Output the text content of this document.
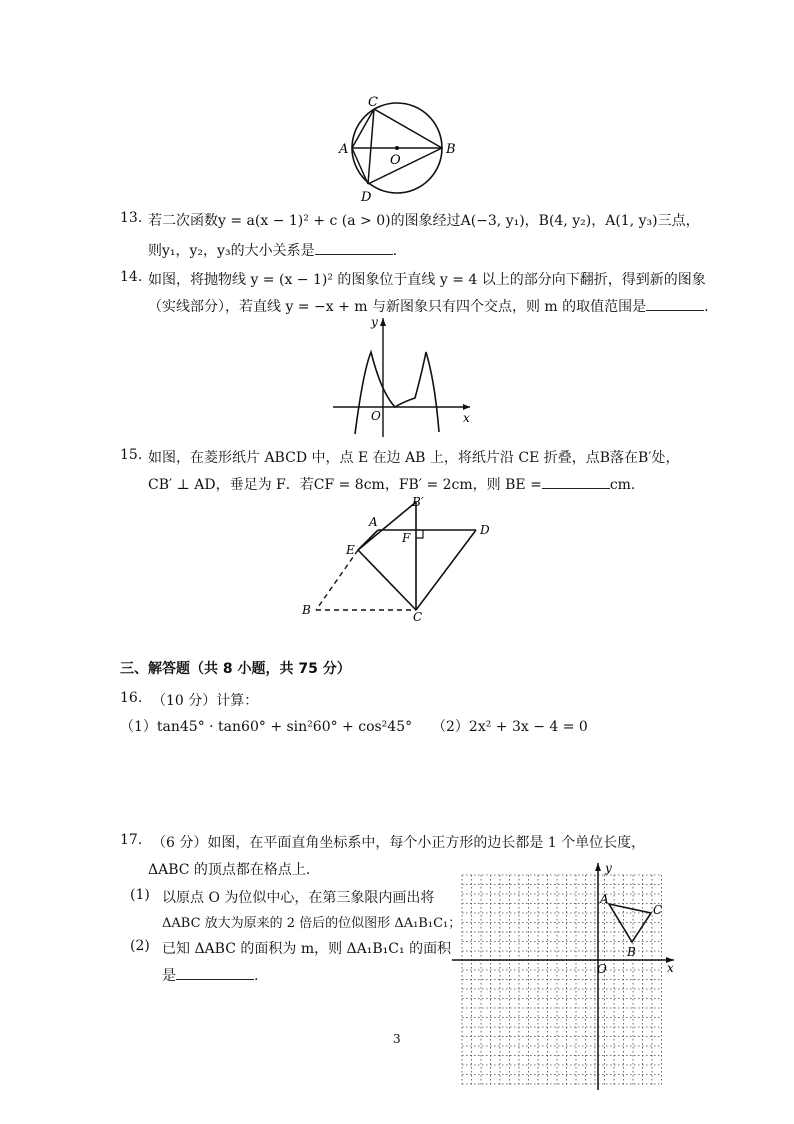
C
A
O
B
D
13. 若二次函数y = a(x − 1)² + c (a > 0)的图象经过A(−3, y₁)，B(4, y₂)，A(1, y₃)三点，
则y₁，y₂，y₃的大小关系是	.
14. 如图，将抛物线 y = (x − 1)² 的图象位于直线 y = 4 以上的部分向下翻折，得到新的图象
（实线部分），若直线 y = −x + m 与新图象只有四个交点，则 m 的取值范围是	.
y
O	x
15. 如图，在菱形纸片 ABCD 中，点 E 在边 AB 上，将纸片沿 CE 折叠，点B落在B′处，
CB′ ⊥ AD，垂足为 F．若CF = 8cm，FB′ = 2cm，则 BE =	cm.
B′
A
D
F
E
B	C
三、解答题（共 8 小题，共 75 分）
16. （10 分）计算：
（1）tan45° · tan60° + sin²60° + cos²45° （2）2x² + 3x − 4 = 0
17. （6 分）如图，在平面直角坐标系中，每个小正方形的边长都是 1 个单位长度，
ΔABC 的顶点都在格点上.
(1) 以原点 O 为位似中心，在第三象限内画出将
ΔABC 放大为原来的 2 倍后的位似图形 ΔA₁B₁C₁；
(2) 已知 ΔABC 的面积为 m，则 ΔA₁B₁C₁ 的面积
是	.
y
x
O
A
C
B
3
